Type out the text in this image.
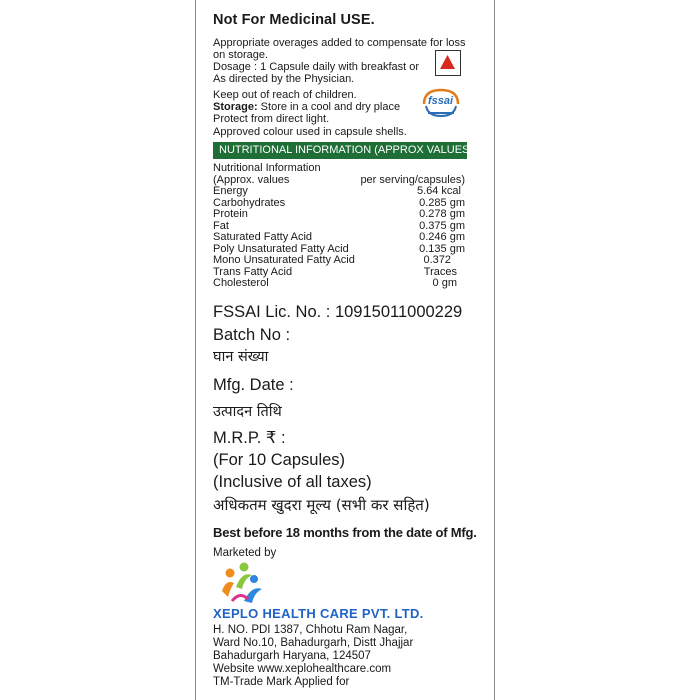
Not For Medicinal USE.
Appropriate overages added to compensate for loss
on storage.
Dosage : 1 Capsule daily with breakfast or
As directed by the Physician.
Keep out of reach of children.
Storage: Store in a cool and dry place
Protect from direct light.
fssai
Approved colour used in capsule shells.
NUTRITIONAL INFORMATION (APPROX VALUES)
Nutritional Information
(Approx. values	per serving/capsules)
Energy	5.64 kcal
Carbohydrates	0.285 gm
Protein	0.278 gm
Fat	0.375 gm
Saturated Fatty Acid	0.246 gm
Poly Unsaturated Fatty Acid	0.135 gm
Mono Unsaturated Fatty Acid	0.372
Trans Fatty Acid	Traces
Cholesterol	0 gm
FSSAI Lic. No. : 10915011000229
Batch No :
घान संख्या
Mfg. Date :
उत्पादन तिथि
M.R.P. ₹ :
(For 10 Capsules)
(Inclusive of all taxes)
अधिकतम खुदरा मूल्य (सभी कर सहित)
Best before 18 months from the date of Mfg.
Marketed by
XEPLO HEALTH CARE PVT. LTD.
H. NO. PDI 1387, Chhotu Ram Nagar,
Ward No.10, Bahadurgarh, Distt Jhajjar
Bahadurgarh Haryana, 124507
Website www.xeplohealthcare.com
TM-Trade Mark Applied for
